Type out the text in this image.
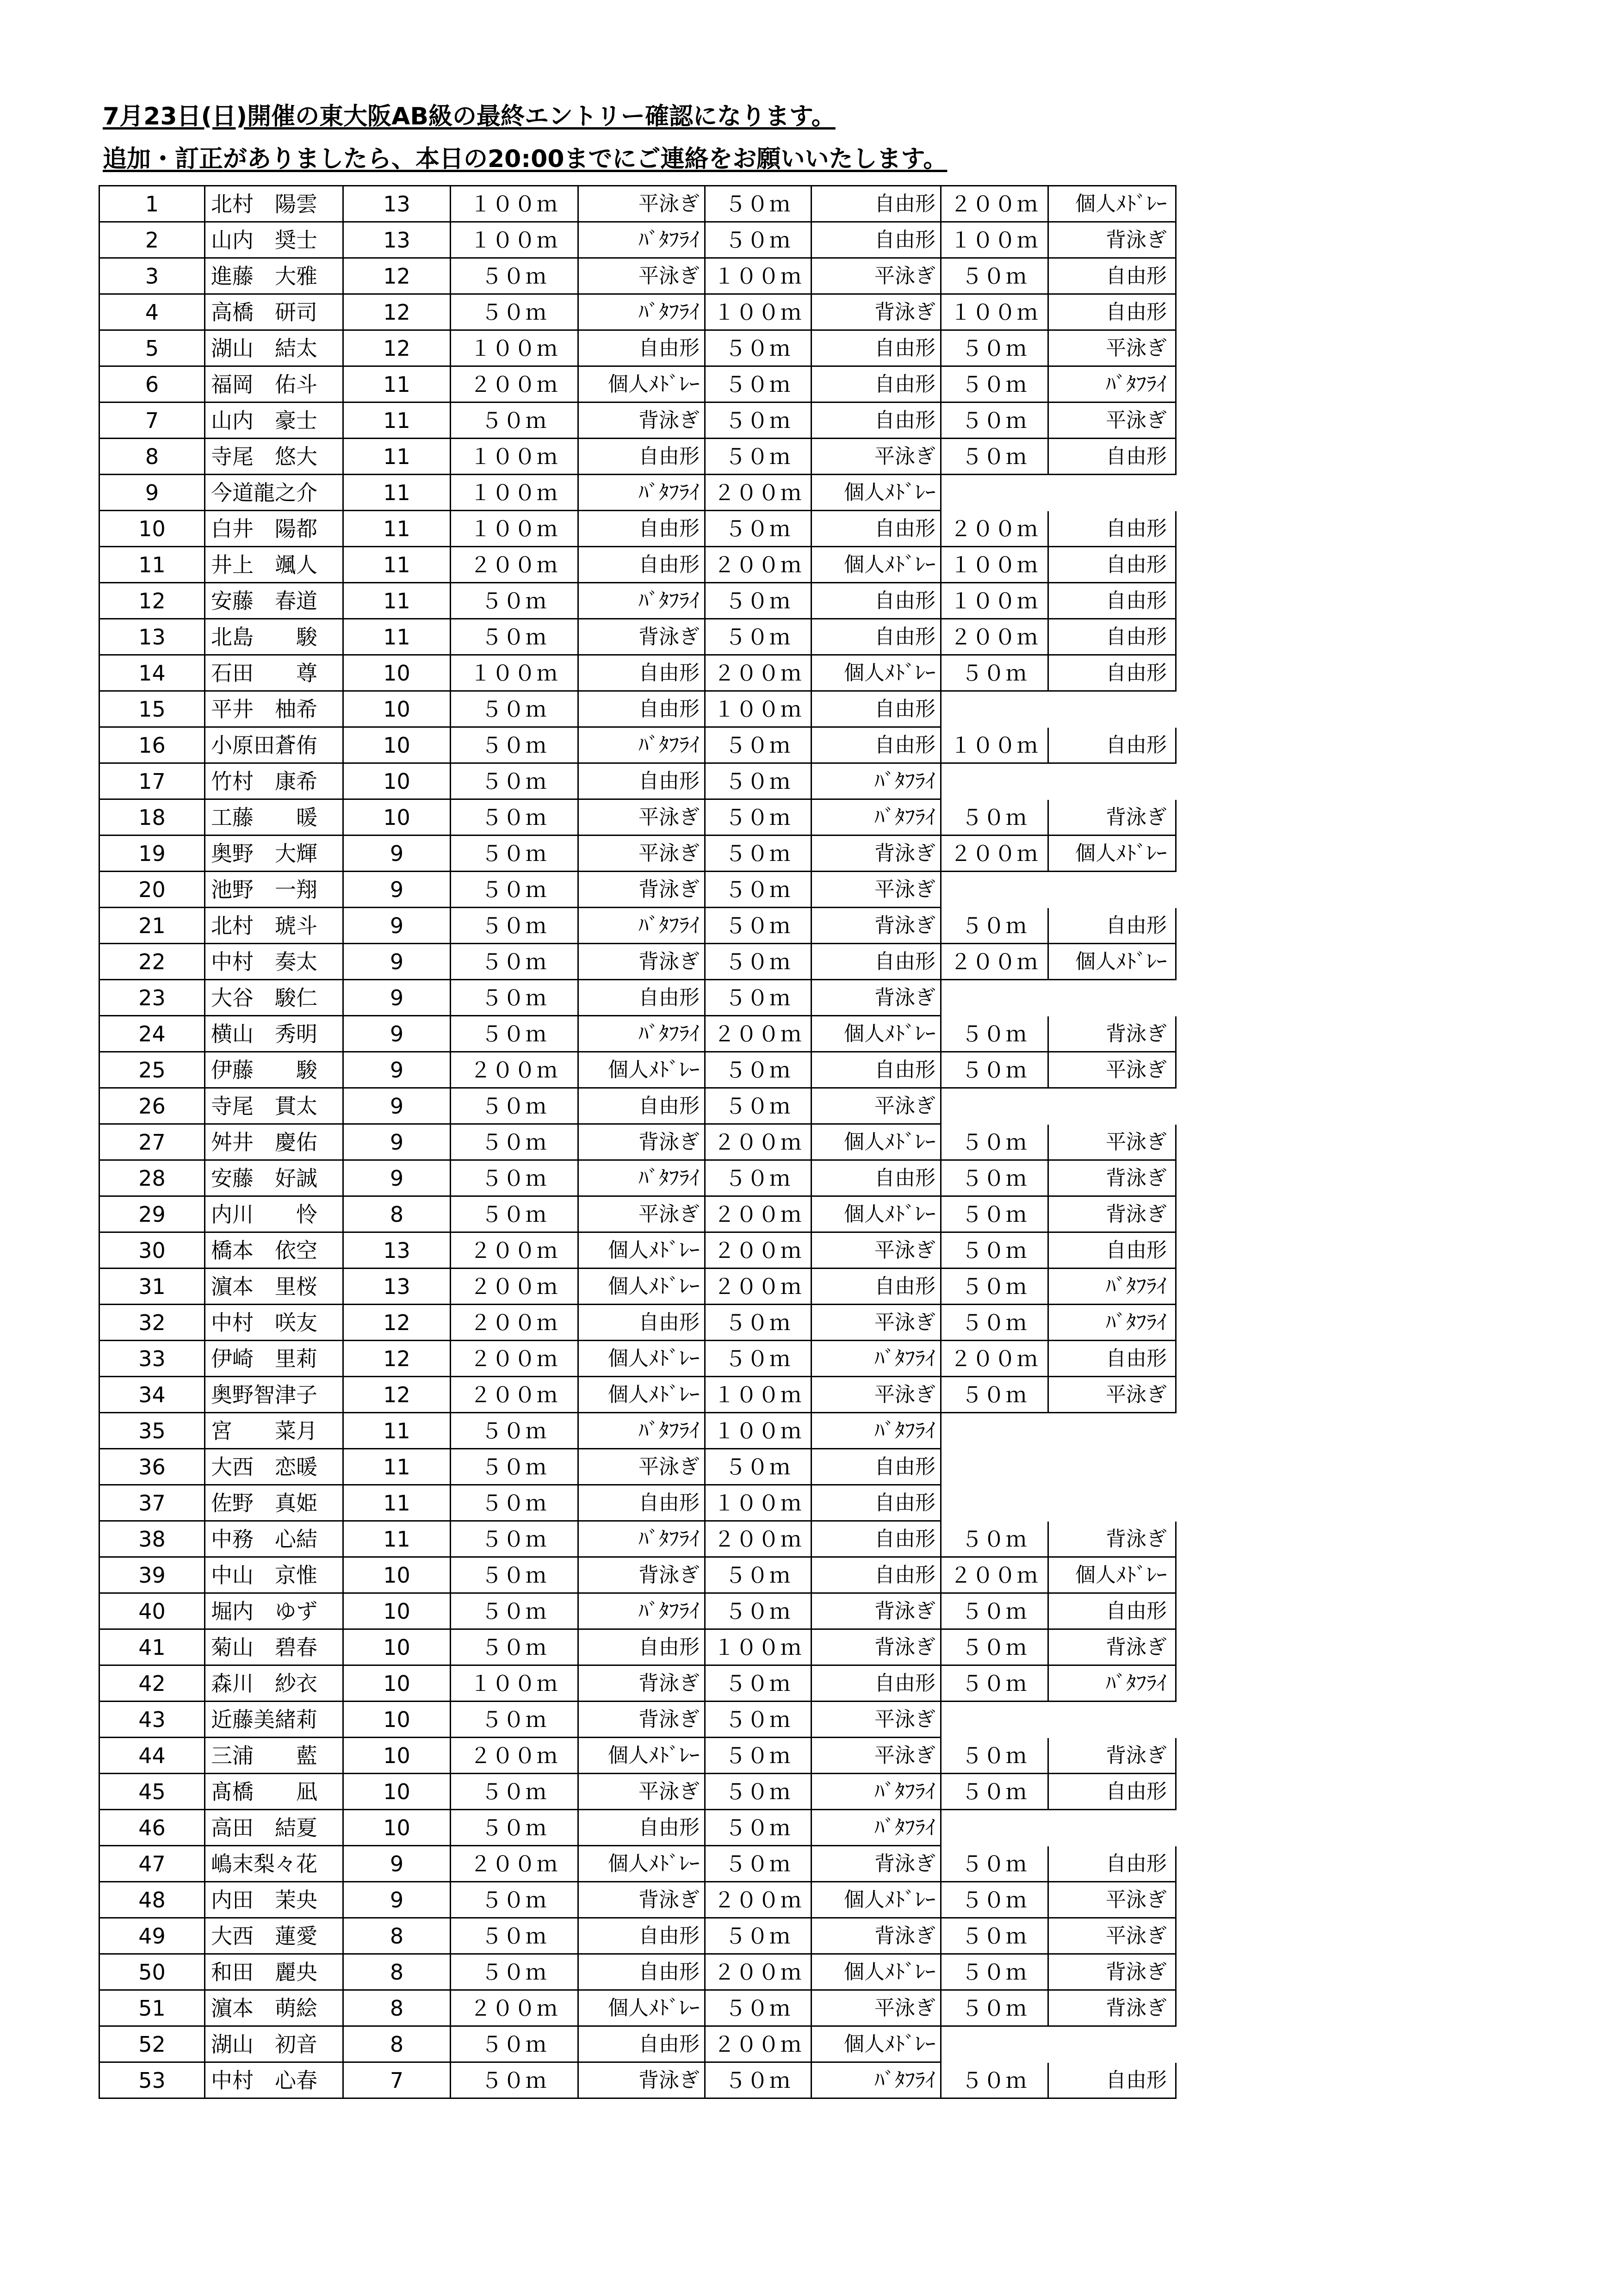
7月23日(日)開催の東大阪AB級の最終エントリー確認になります。
追加・訂正がありましたら、本日の20:00までにご連絡をお願いいたします。
1	北村　陽雲	13	１００ｍ	平泳ぎ	５０ｍ	自由形	２００ｍ	個人ﾒﾄﾞﾚｰ
2	山内　奨士	13	１００ｍ	ﾊﾞﾀﾌﾗｲ	５０ｍ	自由形	１００ｍ	背泳ぎ
3	進藤　大雅	12	５０ｍ	平泳ぎ	１００ｍ	平泳ぎ	５０ｍ	自由形
4	高橋　研司	12	５０ｍ	ﾊﾞﾀﾌﾗｲ	１００ｍ	背泳ぎ	１００ｍ	自由形
5	湖山　結太	12	１００ｍ	自由形	５０ｍ	自由形	５０ｍ	平泳ぎ
6	福岡　佑斗	11	２００ｍ	個人ﾒﾄﾞﾚｰ	５０ｍ	自由形	５０ｍ	ﾊﾞﾀﾌﾗｲ
7	山内　豪士	11	５０ｍ	背泳ぎ	５０ｍ	自由形	５０ｍ	平泳ぎ
8	寺尾　悠大	11	１００ｍ	自由形	５０ｍ	平泳ぎ	５０ｍ	自由形
9	今道龍之介	11	１００ｍ	ﾊﾞﾀﾌﾗｲ	２００ｍ	個人ﾒﾄﾞﾚｰ		
10	白井　陽都	11	１００ｍ	自由形	５０ｍ	自由形	２００ｍ	自由形
11	井上　颯人	11	２００ｍ	自由形	２００ｍ	個人ﾒﾄﾞﾚｰ	１００ｍ	自由形
12	安藤　春道	11	５０ｍ	ﾊﾞﾀﾌﾗｲ	５０ｍ	自由形	１００ｍ	自由形
13	北島　　駿	11	５０ｍ	背泳ぎ	５０ｍ	自由形	２００ｍ	自由形
14	石田　　尊	10	１００ｍ	自由形	２００ｍ	個人ﾒﾄﾞﾚｰ	５０ｍ	自由形
15	平井　柚希	10	５０ｍ	自由形	１００ｍ	自由形		
16	小原田蒼侑	10	５０ｍ	ﾊﾞﾀﾌﾗｲ	５０ｍ	自由形	１００ｍ	自由形
17	竹村　康希	10	５０ｍ	自由形	５０ｍ	ﾊﾞﾀﾌﾗｲ		
18	工藤　　暖	10	５０ｍ	平泳ぎ	５０ｍ	ﾊﾞﾀﾌﾗｲ	５０ｍ	背泳ぎ
19	奥野　大輝	9	５０ｍ	平泳ぎ	５０ｍ	背泳ぎ	２００ｍ	個人ﾒﾄﾞﾚｰ
20	池野　一翔	9	５０ｍ	背泳ぎ	５０ｍ	平泳ぎ		
21	北村　琥斗	9	５０ｍ	ﾊﾞﾀﾌﾗｲ	５０ｍ	背泳ぎ	５０ｍ	自由形
22	中村　奏太	9	５０ｍ	背泳ぎ	５０ｍ	自由形	２００ｍ	個人ﾒﾄﾞﾚｰ
23	大谷　駿仁	9	５０ｍ	自由形	５０ｍ	背泳ぎ		
24	横山　秀明	9	５０ｍ	ﾊﾞﾀﾌﾗｲ	２００ｍ	個人ﾒﾄﾞﾚｰ	５０ｍ	背泳ぎ
25	伊藤　　駿	9	２００ｍ	個人ﾒﾄﾞﾚｰ	５０ｍ	自由形	５０ｍ	平泳ぎ
26	寺尾　貫太	9	５０ｍ	自由形	５０ｍ	平泳ぎ		
27	舛井　慶佑	9	５０ｍ	背泳ぎ	２００ｍ	個人ﾒﾄﾞﾚｰ	５０ｍ	平泳ぎ
28	安藤　好誠	9	５０ｍ	ﾊﾞﾀﾌﾗｲ	５０ｍ	自由形	５０ｍ	背泳ぎ
29	内川　　怜	8	５０ｍ	平泳ぎ	２００ｍ	個人ﾒﾄﾞﾚｰ	５０ｍ	背泳ぎ
30	橋本　依空	13	２００ｍ	個人ﾒﾄﾞﾚｰ	２００ｍ	平泳ぎ	５０ｍ	自由形
31	濵本　里桜	13	２００ｍ	個人ﾒﾄﾞﾚｰ	２００ｍ	自由形	５０ｍ	ﾊﾞﾀﾌﾗｲ
32	中村　咲友	12	２００ｍ	自由形	５０ｍ	平泳ぎ	５０ｍ	ﾊﾞﾀﾌﾗｲ
33	伊崎　里莉	12	２００ｍ	個人ﾒﾄﾞﾚｰ	５０ｍ	ﾊﾞﾀﾌﾗｲ	２００ｍ	自由形
34	奥野智津子	12	２００ｍ	個人ﾒﾄﾞﾚｰ	１００ｍ	平泳ぎ	５０ｍ	平泳ぎ
35	宮　　菜月	11	５０ｍ	ﾊﾞﾀﾌﾗｲ	１００ｍ	ﾊﾞﾀﾌﾗｲ		
36	大西　恋暖	11	５０ｍ	平泳ぎ	５０ｍ	自由形		
37	佐野　真姫	11	５０ｍ	自由形	１００ｍ	自由形		
38	中務　心結	11	５０ｍ	ﾊﾞﾀﾌﾗｲ	２００ｍ	自由形	５０ｍ	背泳ぎ
39	中山　京惟	10	５０ｍ	背泳ぎ	５０ｍ	自由形	２００ｍ	個人ﾒﾄﾞﾚｰ
40	堀内　ゆず	10	５０ｍ	ﾊﾞﾀﾌﾗｲ	５０ｍ	背泳ぎ	５０ｍ	自由形
41	菊山　碧春	10	５０ｍ	自由形	１００ｍ	背泳ぎ	５０ｍ	背泳ぎ
42	森川　紗衣	10	１００ｍ	背泳ぎ	５０ｍ	自由形	５０ｍ	ﾊﾞﾀﾌﾗｲ
43	近藤美緒莉	10	５０ｍ	背泳ぎ	５０ｍ	平泳ぎ		
44	三浦　　藍	10	２００ｍ	個人ﾒﾄﾞﾚｰ	５０ｍ	平泳ぎ	５０ｍ	背泳ぎ
45	髙橋　　凪	10	５０ｍ	平泳ぎ	５０ｍ	ﾊﾞﾀﾌﾗｲ	５０ｍ	自由形
46	高田　結夏	10	５０ｍ	自由形	５０ｍ	ﾊﾞﾀﾌﾗｲ		
47	嶋末梨々花	9	２００ｍ	個人ﾒﾄﾞﾚｰ	５０ｍ	背泳ぎ	５０ｍ	自由形
48	内田　茉央	9	５０ｍ	背泳ぎ	２００ｍ	個人ﾒﾄﾞﾚｰ	５０ｍ	平泳ぎ
49	大西　蓮愛	8	５０ｍ	自由形	５０ｍ	背泳ぎ	５０ｍ	平泳ぎ
50	和田　麗央	8	５０ｍ	自由形	２００ｍ	個人ﾒﾄﾞﾚｰ	５０ｍ	背泳ぎ
51	濵本　萌絵	8	２００ｍ	個人ﾒﾄﾞﾚｰ	５０ｍ	平泳ぎ	５０ｍ	背泳ぎ
52	湖山　初音	8	５０ｍ	自由形	２００ｍ	個人ﾒﾄﾞﾚｰ		
53	中村　心春	7	５０ｍ	背泳ぎ	５０ｍ	ﾊﾞﾀﾌﾗｲ	５０ｍ	自由形
